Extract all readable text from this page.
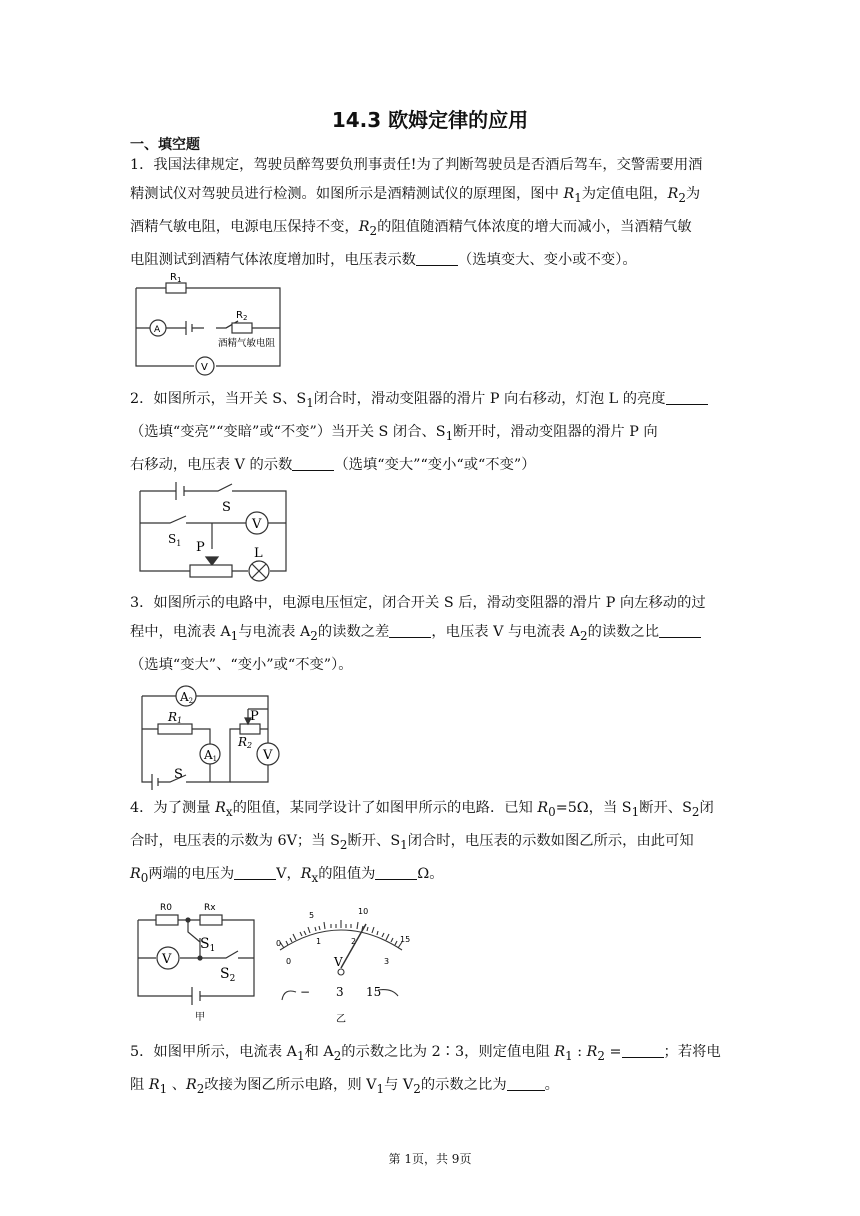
14.3 欧姆定律的应用
一、填空题

1．我国法律规定，驾驶员醉驾要负刑事责任!为了判断驾驶员是否酒后驾车，交警需要用酒

精测试仪对驾驶员进行检测。如图所示是酒精测试仪的原理图，图中 $R_1$为定值电阻，$R_2$为

酒精气敏电阻，电源电压保持不变，$R_2$的阻值随酒精气体浓度的增大而减小，当酒精气敏

电阻测试到酒精气体浓度增加时，电压表示数	（选填变大、变小或不变）。

$R_1$
$R_2$
A
V
酒精气敏电阻

2．如图所示，当开关 S、$S_1$闭合时，滑动变阻器的滑片 P 向右移动，灯泡 L 的亮度

（选填“变亮”“变暗”或“不变”）当开关 S 闭合、$S_1$断开时，滑动变阻器的滑片 P 向

右移动，电压表 V 的示数	（选填“变大”“变小“或“不变”）

S
$S_1$ P	L
V

3．如图所示的电路中，电源电压恒定，闭合开关 S 后，滑动变阻器的滑片 P 向左移动的过

程中，电流表 $A_1$与电流表 $A_2$的读数之差	，电压表 V 与电流表 $A_2$的读数之比

（选填“变大”、“变小”或“不变”）。

A2
A1
R1
R2
P
V
S

4．为了测量 $R_x$的阻值，某同学设计了如图甲所示的电路．已知 $R_0=5\Omega$，当 $S_1$断开、$S_2$闭

合时，电压表的示数为 6V；当 $S_2$断开、$S_1$闭合时，电压表的示数如图乙所示，由此可知

$R_0$两端的电压为	V，$R_x$的阻值为	Ω。

R0	Rx
$S_1$
$S_2$
V
甲
0
5	10
15
0
1	2
3
V
− 3 15
乙

5．如图甲所示，电流表 $A_1$和 $A_2$的示数之比为 2∶3，则定值电阻 $R_1$ : $R_2$ =	；若将电

阻 $R_1$ 、$R_2$改接为图乙所示电路，则 $V_1$与 $V_2$的示数之比为	。

第 1页，共 9页
